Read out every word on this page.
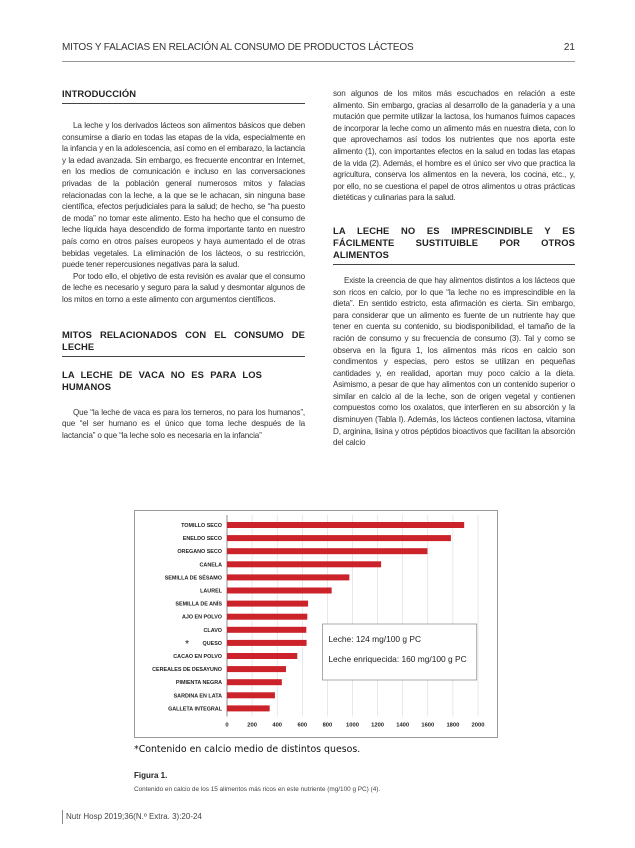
MITOS Y FALACIAS EN RELACIÓN AL CONSUMO DE PRODUCTOS LÁCTEOS	21
INTRODUCCIÓN

La leche y los derivados lácteos son alimentos básicos que deben consumirse a diario en todas las etapas de la vida, especialmente en la infancia y en la adolescencia, así como en el embarazo, la lactancia y la edad avanzada. Sin embargo, es frecuente encontrar en Internet, en los medios de comunicación e incluso en las conversaciones privadas de la población general numerosos mitos y falacias relacionadas con la leche, a la que se le achacan, sin ninguna base científica, efectos perjudiciales para la salud; de hecho, se “ha puesto de moda” no tomar este alimento. Esto ha hecho que el consumo de leche líquida haya descendido de forma importante tanto en nuestro país como en otros países europeos y haya aumentado el de otras bebidas vegetales. La eliminación de los lácteos, o su restricción, puede tener repercusiones negativas para la salud.

Por todo ello, el objetivo de esta revisión es avalar que el consumo de leche es necesario y seguro para la salud y desmontar algunos de los mitos en torno a este alimento con argumentos científicos.

MITOS RELACIONADOS CON EL CONSUMO DE LECHE
LA LECHE DE VACA NO ES PARA LOS HUMANOS

Que “la leche de vaca es para los terneros, no para los humanos”, que “el ser humano es el único que toma leche después de la lactancia” o que “la leche solo es necesaria en la infancia”

son algunos de los mitos más escuchados en relación a este alimento. Sin embargo, gracias al desarrollo de la ganadería y a una mutación que permite utilizar la lactosa, los humanos fuimos capaces de incorporar la leche como un alimento más en nuestra dieta, con lo que aprovechamos así todos los nutrientes que nos aporta este alimento (1), con importantes efectos en la salud en todas las etapas de la vida (2). Además, el hombre es el único ser vivo que practica la agricultura, conserva los alimentos en la nevera, los cocina, etc., y, por ello, no se cuestiona el papel de otros alimentos u otras prácticas dietéticas y culinarias para la salud.

LA LECHE NO ES IMPRESCINDIBLE Y ES FÁCILMENTE SUSTITUIBLE POR OTROS ALIMENTOS

Existe la creencia de que hay alimentos distintos a los lácteos que son ricos en calcio, por lo que “la leche no es imprescindible en la dieta”. En sentido estricto, esta afirmación es cierta. Sin embargo, para considerar que un alimento es fuente de un nutriente hay que tener en cuenta su contenido, su biodisponibilidad, el tamaño de la ración de consumo y su frecuencia de consumo (3). Tal y como se observa en la figura 1, los alimentos más ricos en calcio son condimentos y especias, pero estos se utilizan en pequeñas cantidades y, en realidad, aportan muy poco calcio a la dieta. Asimismo, a pesar de que hay alimentos con un contenido superior o similar en calcio al de la leche, son de origen vegetal y contienen compuestos como los oxalatos, que interfieren en su absorción y la disminuyen (Tabla I). Además, los lácteos contienen lactosa, vitamina D, arginina, lisina y otros péptidos bioactivos que facilitan la absorción del calcio

TOMILLO SECO
ENELDO SECO
OREGANO SECO
CANELA
SEMILLA DE SÉSAMO
LAUREL
SEMILLA DE ANÍS
AJO EN POLVO
CLAVO
QUESO
*
CACAO EN POLVO
CEREALES DE DESAYUNO
PIMIENTA NEGRA
SARDINA EN LATA
GALLETA INTEGRAL
0	200	400	600	800 1000 1200 1400 1600 1800 2000
Leche: 124 mg/100 g PC
Leche enriquecida: 160 mg/100 g PC
*Contenido en calcio medio de distintos quesos.
Figura 1.
Contenido en calcio de los 15 alimentos más ricos en este nutriente (mg/100 g PC) (4).
Nutr Hosp 2019;36(N.º Extra. 3):20-24
